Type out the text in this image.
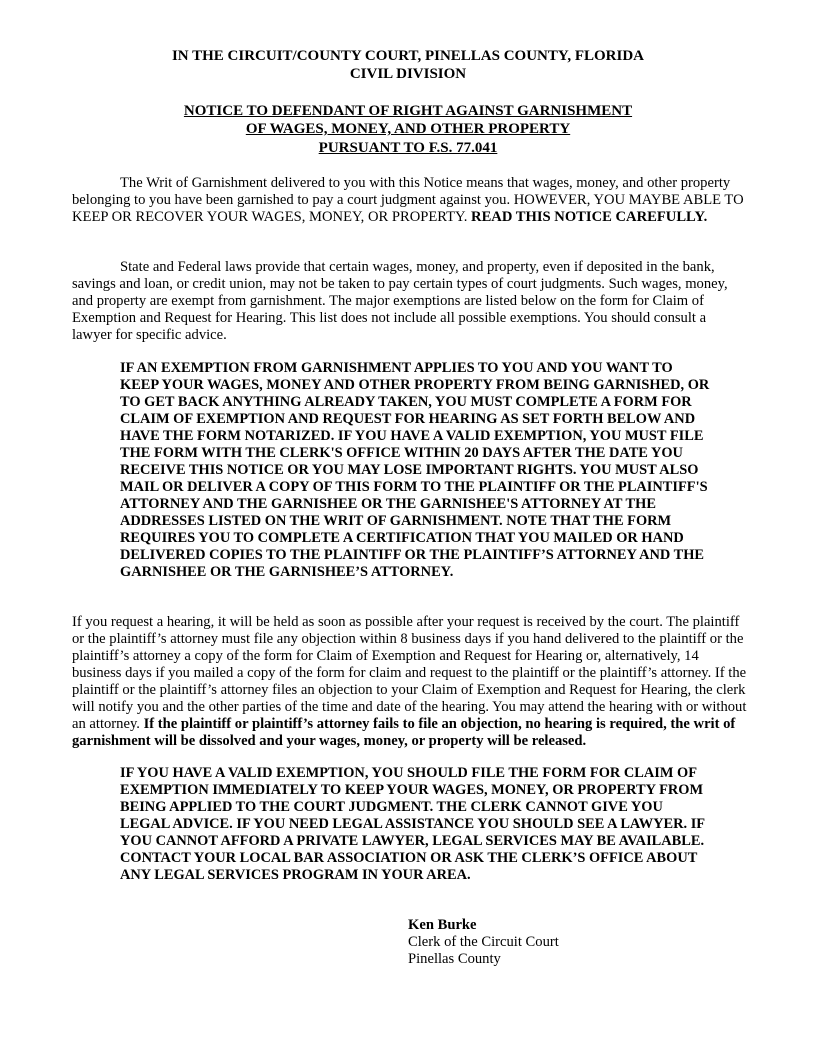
IN THE CIRCUIT/COUNTY COURT, PINELLAS COUNTY, FLORIDA
CIVIL DIVISION
NOTICE TO DEFENDANT OF RIGHT AGAINST GARNISHMENT
OF WAGES, MONEY, AND OTHER PROPERTY
PURSUANT TO F.S. 77.041

The Writ of Garnishment delivered to you with this Notice means that wages, money, and other property belonging to you have been garnished to pay a court judgment against you. HOWEVER, YOU MAYBE ABLE TO KEEP OR RECOVER YOUR WAGES, MONEY, OR PROPERTY. READ THIS NOTICE CAREFULLY.

State and Federal laws provide that certain wages, money, and property, even if deposited in the bank, savings and loan, or credit union, may not be taken to pay certain types of court judgments. Such wages, money, and property are exempt from garnishment. The major exemptions are listed below on the form for Claim of Exemption and Request for Hearing. This list does not include all possible exemptions. You should consult a lawyer for specific advice.

IF AN EXEMPTION FROM GARNISHMENT APPLIES TO YOU AND YOU WANT TO KEEP YOUR WAGES, MONEY AND OTHER PROPERTY FROM BEING GARNISHED, OR TO GET BACK ANYTHING ALREADY TAKEN, YOU MUST COMPLETE A FORM FOR CLAIM OF EXEMPTION AND REQUEST FOR HEARING AS SET FORTH BELOW AND HAVE THE FORM NOTARIZED. IF YOU HAVE A VALID EXEMPTION, YOU MUST FILE THE FORM WITH THE CLERK'S OFFICE WITHIN 20 DAYS AFTER THE DATE YOU RECEIVE THIS NOTICE OR YOU MAY LOSE IMPORTANT RIGHTS. YOU MUST ALSO MAIL OR DELIVER A COPY OF THIS FORM TO THE PLAINTIFF OR THE PLAINTIFF'S ATTORNEY AND THE GARNISHEE OR THE GARNISHEE'S ATTORNEY AT THE ADDRESSES LISTED ON THE WRIT OF GARNISHMENT. NOTE THAT THE FORM REQUIRES YOU TO COMPLETE A CERTIFICATION THAT YOU MAILED OR HAND DELIVERED COPIES TO THE PLAINTIFF OR THE PLAINTIFF’S ATTORNEY AND THE GARNISHEE OR THE GARNISHEE’S ATTORNEY.

If you request a hearing, it will be held as soon as possible after your request is received by the court. The plaintiff or the plaintiff’s attorney must file any objection within 8 business days if you hand delivered to the plaintiff or the plaintiff’s attorney a copy of the form for Claim of Exemption and Request for Hearing or, alternatively, 14 business days if you mailed a copy of the form for claim and request to the plaintiff or the plaintiff’s attorney. If the plaintiff or the plaintiff’s attorney files an objection to your Claim of Exemption and Request for Hearing, the clerk will notify you and the other parties of the time and date of the hearing. You may attend the hearing with or without an attorney. If the plaintiff or plaintiff’s attorney fails to file an objection, no hearing is required, the writ of garnishment will be dissolved and your wages, money, or property will be released.

IF YOU HAVE A VALID EXEMPTION, YOU SHOULD FILE THE FORM FOR CLAIM OF EXEMPTION IMMEDIATELY TO KEEP YOUR WAGES, MONEY, OR PROPERTY FROM BEING APPLIED TO THE COURT JUDGMENT. THE CLERK CANNOT GIVE YOU LEGAL ADVICE. IF YOU NEED LEGAL ASSISTANCE YOU SHOULD SEE A LAWYER. IF YOU CANNOT AFFORD A PRIVATE LAWYER, LEGAL SERVICES MAY BE AVAILABLE. CONTACT YOUR LOCAL BAR ASSOCIATION OR ASK THE CLERK’S OFFICE ABOUT ANY LEGAL SERVICES PROGRAM IN YOUR AREA.

Ken Burke
Clerk of the Circuit Court
Pinellas County
